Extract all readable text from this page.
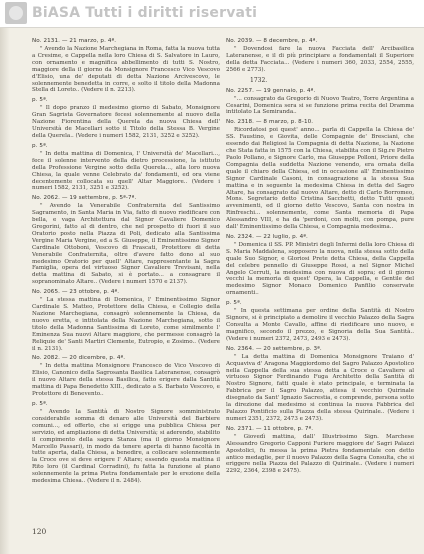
BiASA Tutti i diritti riservati
No. 2131. — 21 marzo, p. 4ª.
" Avendo la Nazione Marchegiana in Roma, fatta la nuova tutta a Cresime, e Cappella nella loro Chiesa di S. Salvatore in Lauro, con ornamento e magnifica abbellimento di tutti S. Nostro, maggiore della il giorno da Monsignore Francesco Vico Vescovo d'Elisio, una de' deputati di detta Nazione Arcivescovo, le solennemente benedetta in corre, e solto il titolo della Madonna Stella di Loreto.. (Vedere il n. 2213).
p. 5ª.
" Il dopo pranzo il medesimo giorno di Sabato, Monsignore Gran Sagrista Governatore fecesi solennemente al nuovo della Nazione Fiorentina della Querela da nuova Chiesa dell' Università de Macellari sotto il Titolo della Stessa B. Vergine della Querela.. (Vedere i numeri 1582, 2131, 3252 e 3252).
p. 5ª.
" In detta mattina di Domenica, l' Università de' Macellari..., fece il solenne intervento della dietro processione, la istituto della Professione Vergine sotto della Querela..., alla loro nuova Chiesa, la quale venne Celebrato da' fondamenti, ed ora viene decentemente collocata su quell' Altar Maggiore.. (Vedere i numeri 1582, 2131, 3251 e 3252).
No. 2062. — 19 settembre, p. 5ª-7ª.
" Avendo la Venerabile Confraternita del Santissimo Sagramento, in Santa Maria in Via, fatto di nuovo riedificare con bella, e vaga Architettura dal Signor Cavaliere Domenico Gregorini, fatto al di dentro, che nel prospetto di fuori il suo Oratorio posto nella Piazza di Poli, dedicato alla Santissima Vergine Maria Vergine, ed a S. Giuseppe, il Eminentissimo Signor Cardinale Ottoboni, Vescovo di Frascati, Protettore di detta Venerabile Confraternita, oltre d'avere fatto dono al suo medesimo Oratorio per quell' Altare, rappresentante la Sagra Famiglia, opera del virtuoso Signor Cavaliere Trevisani, nella detta mattina di Sabato, si è portato... a consagrare il sopranominato Altare.. (Vedere i numeri 1570 e 2137).
No. 2065. — 23 ottobre, p. 4ª.
" La stessa mattina di Domenica, l' Eminentissimo Signor Cardinale S. Matteo, Protettore della Chiesa, e Collegio della Nazione Marchegiana, consagrò solennemente la Chiesa, da nuovo eretta, e intitolata della Nazione Marchegiana, sotto il titolo della Madonna Santissima di Loreto, come similmente l' Eminenza Sua nuovi Altare maggiore, che permesse consagrò la Reliquie de' Santi Martiri Clemente, Eutropio, e Zosimo.. (Vedere il n. 2131).
No. 2082. — 20 dicembre, p. 4ª.
" In detta mattina Monsignore Francesco de Vico Vescovo di Elisio, Canonico della Sagrosanta Basilica Lateranense, consagrò il nuovo Altare della stessa Basilica, fatto erigere dalla Santità mattina di Papa Benedetto XIII., dedicato a S. Barbato Vescovo, e Protettore di Benevento..
p. 5ª.
" Avendo la Santità di Nostro Signore somministrato considerabile somma di denaro alle Università del Barbiere comuni..., ed offerto, che si erigge una pubblica Chiesa per servizio, ed ampliazione di detta Università; si aderendo, stabilito il compimento della sagra Stanza (ma il giorno Monsignore Marcello Passari), in modo da tenere aperta di hanno facoltà in tutte aperta, dalla Chiesa, a benedire, a collocare solennemente la Croce ove si deve erigere l' Altare; essendo questa mattina il Rito loro (il Cardinal Corradini), fu fatta la funzione al piano solennemente la prima Pietra fondamentale per le erezione della medesima Chiesa.. (Vedere il n. 2484).
No. 2039. — 8 decembre, p. 4ª.
" Dovendosi fare la nuova Facciata dell' Arcibasilica Lateranense, e il di più principiare a fondamentali il Superiore della detta Facciata... (Vedere i numeri 360, 2033, 2554, 2555, 2566 e 2773).
1732.
No. 2257. — 19 gennaio, p. 4ª.
"... consagrato da Gregorio di Nuovo Teatro, Torre Argentina a Cesarini, Domenica sera si se funzione prima recita del Dramma intitolato La Semiranda..
No. 2318. — 8 marzo, p. 8-10.
Ricordatosi poi quest' anno... parla di Cappella la Chiesa de' SS. Faustino, e Giovita, delle Compagnie de' Bresciani, che essendo dai Religiosi la Compagnia di detta Nazione, la Nazione che Stata fatta in 1575 con la Chiesa, stabilita con il Sig.re Pietro Paolo Pollano, e Signore Carlo, ma Giuseppe Polloni, Priore della Compagnia della suddetta Nazione venendo, era ornata della quale il chiaro della Chiesa, ed in occasione all' Eminentissimo Signor Cardinale Casoni, in consagrazione a la stessa Sua mattina e in seguente la medesima Chiesa in detta del Sagro Altare, ha consagrato dal nuovo Altare, detto di Carlo Borromeo, Mons. Segretario detto Cristina Sacchetti, detto Tutti questi avvenimenti, ed il giorno detto Vescovo, Santa con nostra in Rinfreschi... solennemente, come Santa memoria di Papa Alessandro VIII, e ha da 'perdoni, con molti, con pompa, pure dall' Eminentissimo della Chiesa, e Compagnia medesima..
No. 2324. — 22 luglio, p. 4ª.
" Domenica il SS. PP. Ministri degli Infermi della loro Chiesa di S. Maria Maddalena, sopposero la nuova, nella stessa sotto della quale Suo Signor, e Gloriosi Prete detta Chiesa, della Cappella del celebre pennello di Giuseppe Rossi, a nel Signor Michel Angelo Cerruti, la medesima con nuova di sopra; ed il giorno vecchi la memoria di quest' Opera, la Cappella, e Gentile del medesimo Signor Monaco Domenico Panfilio conservate ornamenti..
p. 5ª.
" In questa settimana per ordine della Santità di Nostro Signore, si è principiato a demolire il vecchio Palazzo della Sagra Consulta a Monte Cavallo, affine di riedificare uno nuovo, e magnifico, secondo il prezzo, e Signoria della Sua Santità.. (Vedere i numeri 2372, 2473, 2493 e 2473).
No. 2364. — 20 settembre, p. 3ª.
" La detta mattina di Domenica Monsignore Traiano d' Acquaviva d' Aragona Maggiordomo del Sagro Palazzo Apostolico nella Cappella della sua stessa detta a Croce o Cavaliere al virtuoso Signor Ferdinando Fuga Architetto della Santità di Nostro Signore, fatti quale è stato principale, e terminata la Fabbrica per il Sagro Palazzo, attesa il vecchio Quirinale disegnato da Sant' Ignazio Sacrestia, e comprende, persona sotto la direzione dal medesimo si continua la nuova Fabbrica del Palazzo Pontificio sulla Piazza della stessa Quirinale.. (Vedere i numeri 2351, 2372, 2473 e 2473).
No. 2371. — 11 ottobre, p. 7ª.
" Giovedì mattina, dall' Illustrissimo Sign. Marchese Alessandro Gregorio Capponi Furiere maggiore de' Sagri Palazzi Apostolici, fu messa la prima Pietra fondamentale con detto antico medaglie, per il nuovo Palazzo della Sagra Consulta, che si eriggere nella Piazza del Palazzo di Quirinale.. (Vedere i numeri 2292, 2364, 2398 e 2475).
120
